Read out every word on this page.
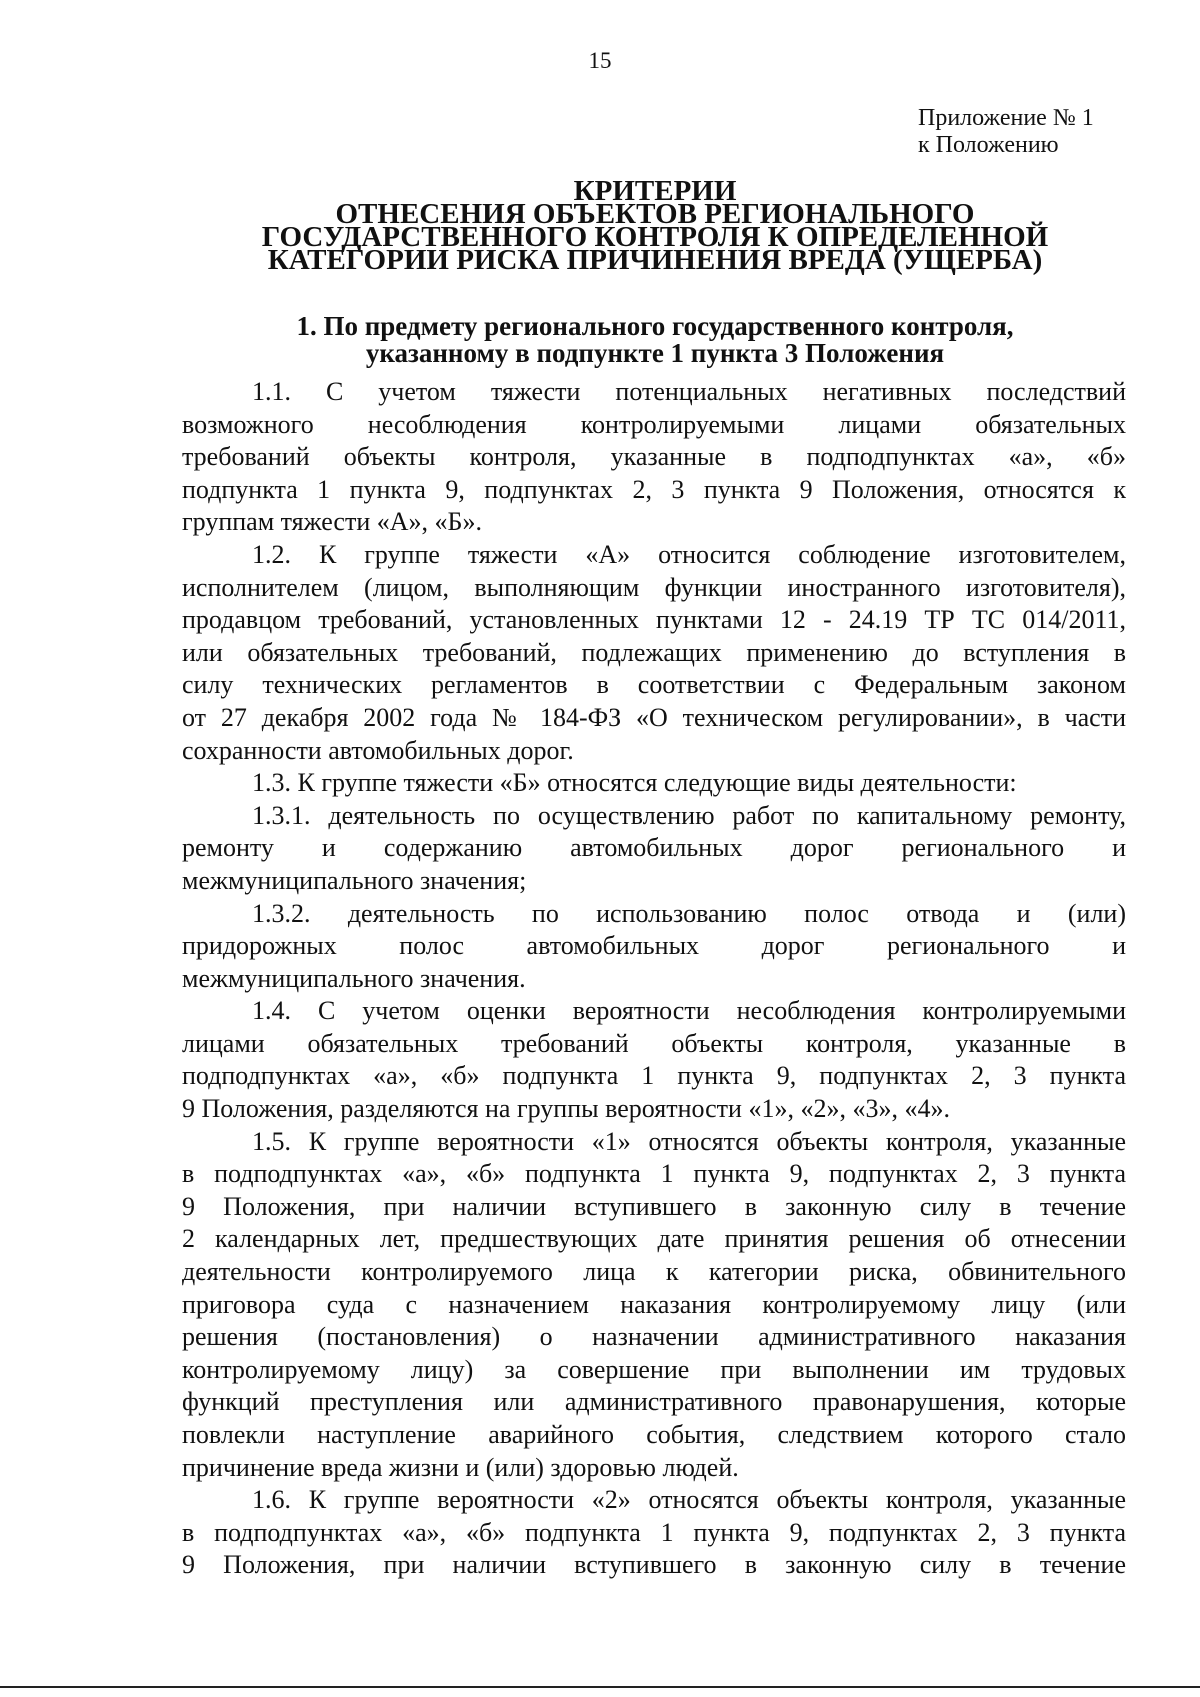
15
Приложение № 1
к Положению
КРИТЕРИИ
ОТНЕСЕНИЯ ОБЪЕКТОВ РЕГИОНАЛЬНОГО
ГОСУДАРСТВЕННОГО КОНТРОЛЯ К ОПРЕДЕЛЕННОЙ
КАТЕГОРИИ РИСКА ПРИЧИНЕНИЯ ВРЕДА (УЩЕРБА)
1. По предмету регионального государственного контроля,
указанному в подпункте 1 пункта 3 Положения
1.1. С учетом тяжести потенциальных негативных последствий
возможного несоблюдения контролируемыми лицами обязательных
требований объекты контроля, указанные в подподпунктах «а», «б»
подпункта 1 пункта 9, подпунктах 2, 3 пункта 9 Положения, относятся к
группам тяжести «А», «Б».
1.2. К группе тяжести «А» относится соблюдение изготовителем,
исполнителем (лицом, выполняющим функции иностранного изготовителя),
продавцом требований, установленных пунктами 12 - 24.19 ТР ТС 014/2011,
или обязательных требований, подлежащих применению до вступления в
силу технических регламентов в соответствии с Федеральным законом
от 27 декабря 2002 года № 184-ФЗ «О техническом регулировании», в части
сохранности автомобильных дорог.
1.3. К группе тяжести «Б» относятся следующие виды деятельности:
1.3.1. деятельность по осуществлению работ по капитальному ремонту,
ремонту и содержанию автомобильных дорог регионального и
межмуниципального значения;
1.3.2. деятельность по использованию полос отвода и (или)
придорожных полос автомобильных дорог регионального и
межмуниципального значения.
1.4. С учетом оценки вероятности несоблюдения контролируемыми
лицами обязательных требований объекты контроля, указанные в
подподпунктах «а», «б» подпункта 1 пункта 9, подпунктах 2, 3 пункта
9 Положения, разделяются на группы вероятности «1», «2», «3», «4».
1.5. К группе вероятности «1» относятся объекты контроля, указанные
в подподпунктах «а», «б» подпункта 1 пункта 9, подпунктах 2, 3 пункта
9 Положения, при наличии вступившего в законную силу в течение
2 календарных лет, предшествующих дате принятия решения об отнесении
деятельности контролируемого лица к категории риска, обвинительного
приговора суда с назначением наказания контролируемому лицу (или
решения (постановления) о назначении административного наказания
контролируемому лицу) за совершение при выполнении им трудовых
функций преступления или административного правонарушения, которые
повлекли наступление аварийного события, следствием которого стало
причинение вреда жизни и (или) здоровью людей.
1.6. К группе вероятности «2» относятся объекты контроля, указанные
в подподпунктах «а», «б» подпункта 1 пункта 9, подпунктах 2, 3 пункта
9 Положения, при наличии вступившего в законную силу в течение
